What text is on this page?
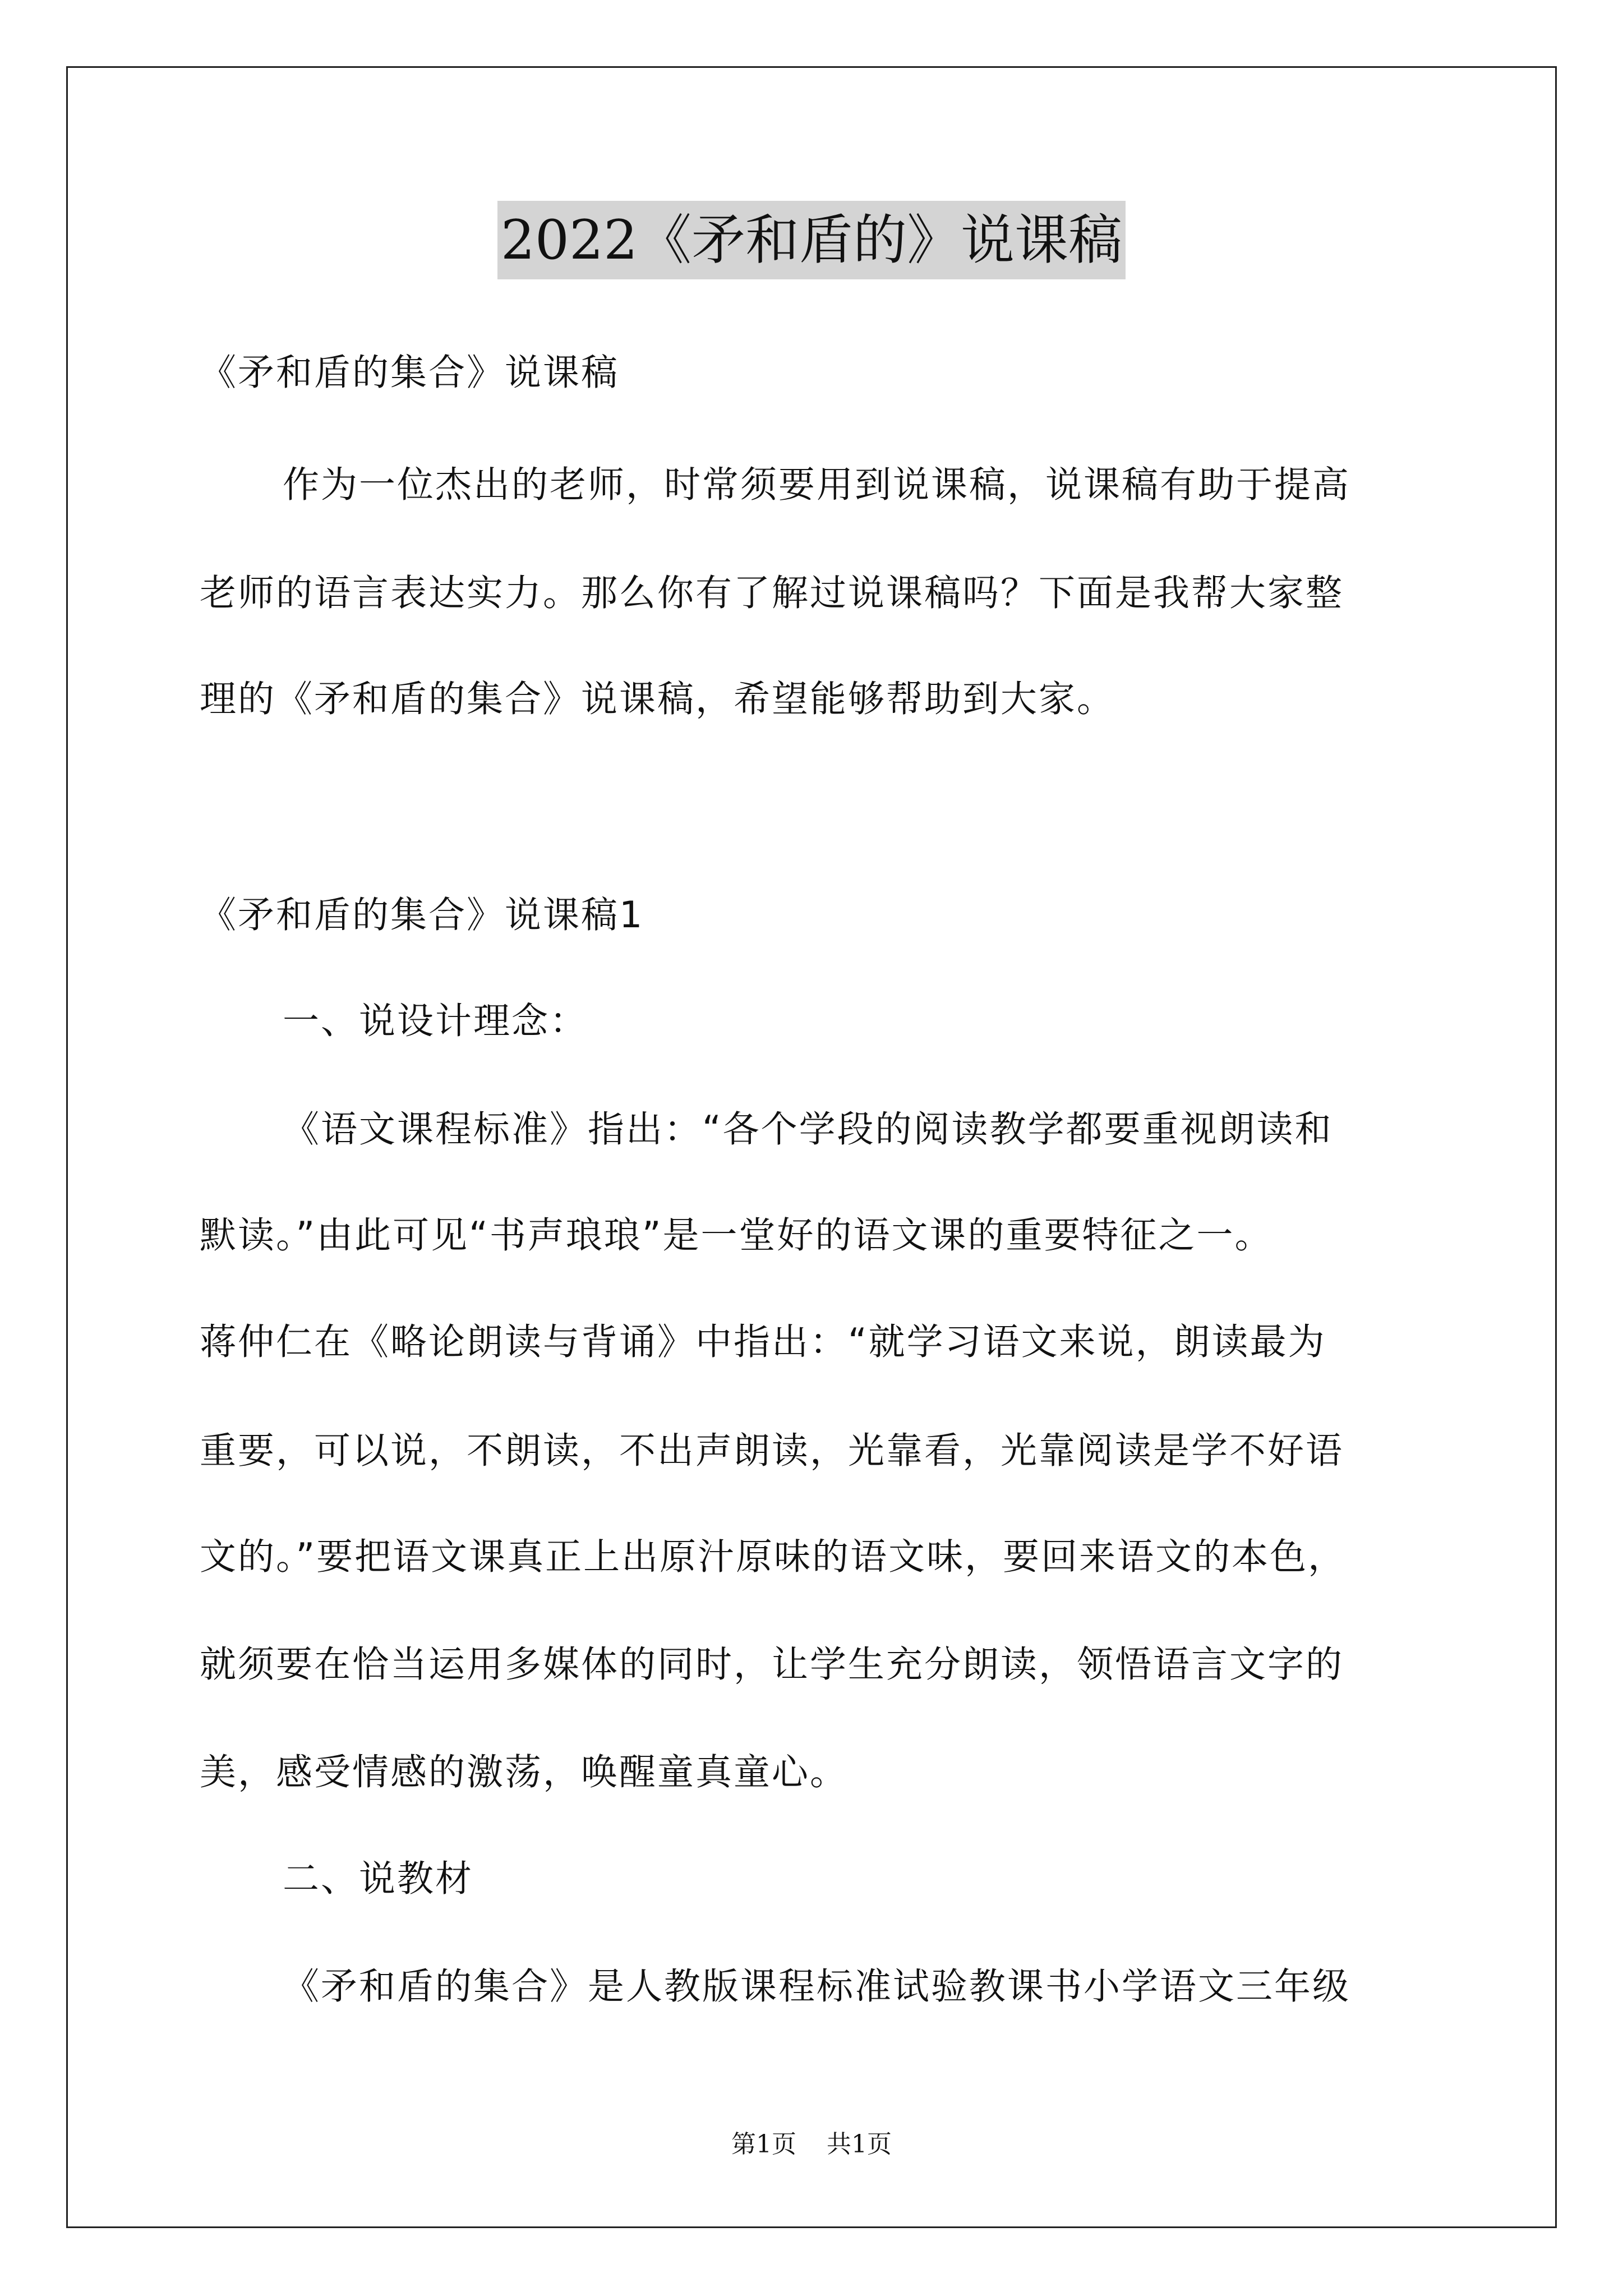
2022《矛和盾的》说课稿
《矛和盾的集合》说课稿
作为一位杰出的老师，时常须要用到说课稿，说课稿有助于提高
老师的语言表达实力。那么你有了解过说课稿吗？下面是我帮大家整
理的《矛和盾的集合》说课稿，希望能够帮助到大家。
《矛和盾的集合》说课稿1
一、说设计理念：
《语文课程标准》指出：“各个学段的阅读教学都要重视朗读和
默读。”由此可见“书声琅琅”是一堂好的语文课的重要特征之一。
蒋仲仁在《略论朗读与背诵》中指出：“就学习语文来说，朗读最为
重要，可以说，不朗读，不出声朗读，光靠看，光靠阅读是学不好语
文的。”要把语文课真正上出原汁原味的语文味，要回来语文的本色，
就须要在恰当运用多媒体的同时，让学生充分朗读，领悟语言文字的
美，感受情感的激荡，唤醒童真童心。
二、说教材
《矛和盾的集合》是人教版课程标准试验教课书小学语文三年级
第1页 共1页
